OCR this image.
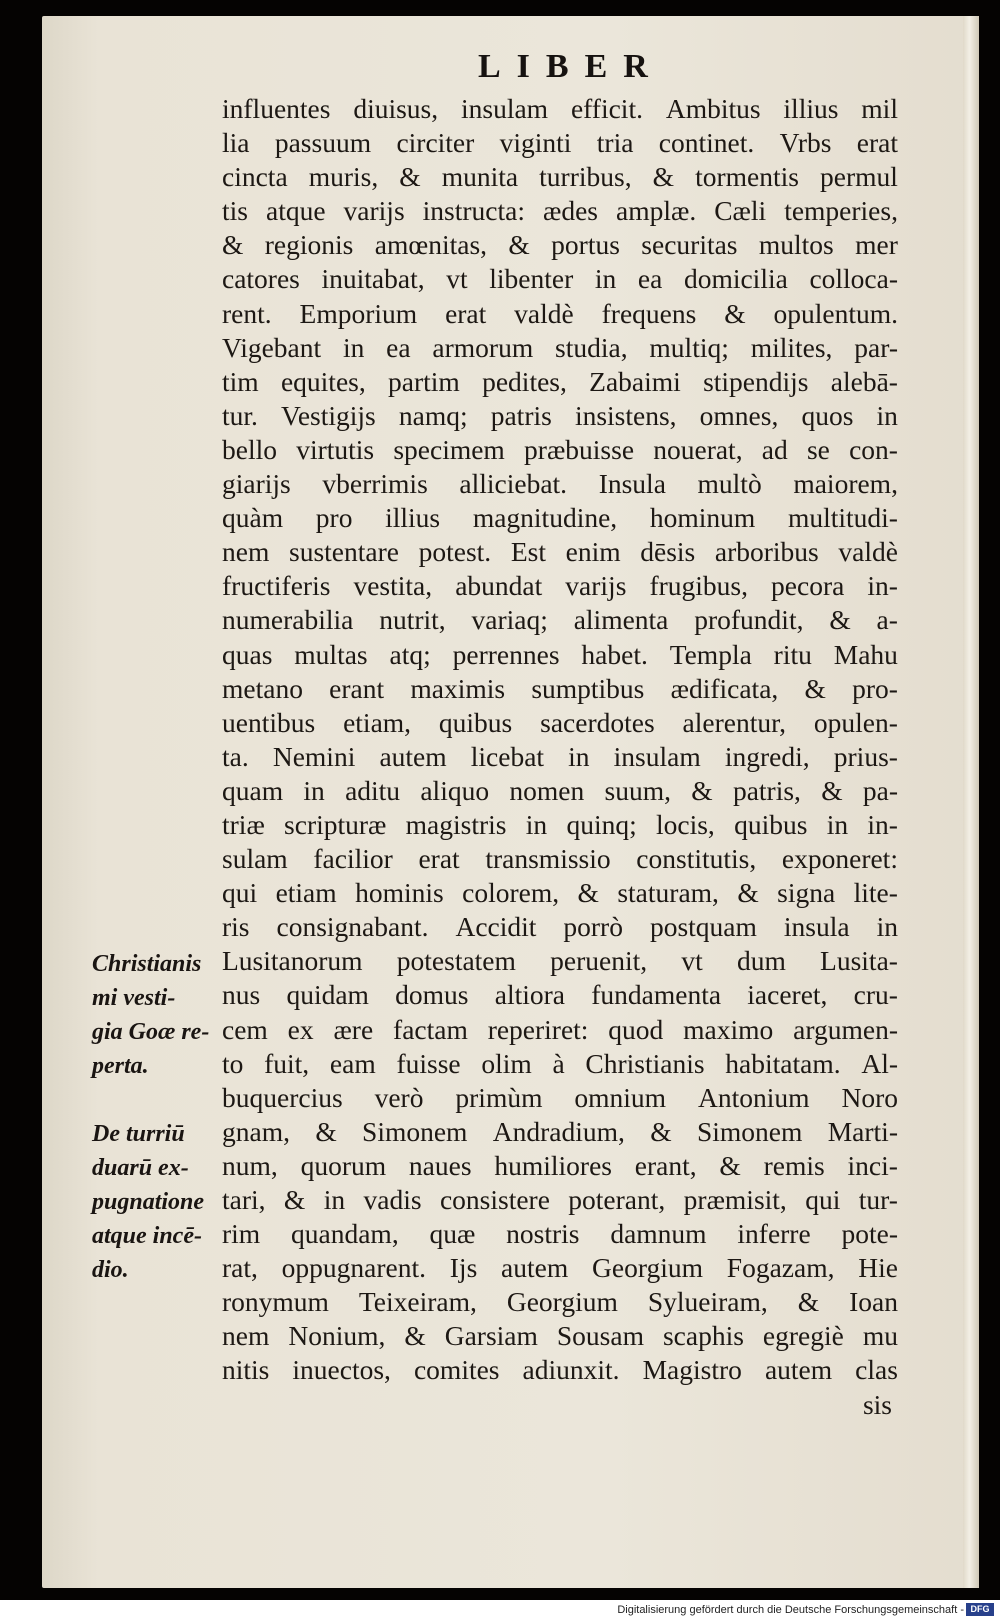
LIBER
influentes diuisus, insulam efficit. Ambitus illius mil
lia passuum circiter viginti tria continet. Vrbs erat
cincta muris, & munita turribus, & tormentis permul
tis atque varijs instructa: ædes amplæ. Cæli temperies,
& regionis amœnitas, & portus securitas multos mer
catores inuitabat, vt libenter in ea domicilia colloca-
rent. Emporium erat valdè frequens & opulentum.
Vigebant in ea armorum studia, multiq; milites, par-
tim equites, partim pedites, Zabaimi stipendijs alebā-
tur. Vestigijs namq; patris insistens, omnes, quos in
bello virtutis specimem præbuisse nouerat, ad se con-
giarijs vberrimis alliciebat. Insula multò maiorem,
quàm pro illius magnitudine, hominum multitudi-
nem sustentare potest. Est enim dēsis arboribus valdè
fructiferis vestita, abundat varijs frugibus, pecora in-
numerabilia nutrit, variaq; alimenta profundit, & a-
quas multas atq; perrennes habet. Templa ritu Mahu
metano erant maximis sumptibus ædificata, & pro-
uentibus etiam, quibus sacerdotes alerentur, opulen-
ta. Nemini autem licebat in insulam ingredi, prius-
quam in aditu aliquo nomen suum, & patris, & pa-
triæ scripturæ magistris in quinq; locis, quibus in in-
sulam facilior erat transmissio constitutis, exponeret:
qui etiam hominis colorem, & staturam, & signa lite-
ris consignabant. Accidit porrò postquam insula in
Lusitanorum potestatem peruenit, vt dum Lusita-
nus quidam domus altiora fundamenta iaceret, cru-
cem ex ære factam reperiret: quod maximo argumen-
to fuit, eam fuisse olim à Christianis habitatam. Al-
buquercius verò primùm omnium Antonium Noro
gnam, & Simonem Andradium, & Simonem Marti-
num, quorum naues humiliores erant, & remis inci-
tari, & in vadis consistere poterant, præmisit, qui tur-
rim quandam, quæ nostris damnum inferre pote-
rat, oppugnarent. Ijs autem Georgium Fogazam, Hie
ronymum Teixeiram, Georgium Sylueiram, & Ioan
nem Nonium, & Garsiam Sousam scaphis egregiè mu
nitis inuectos, comites adiunxit. Magistro autem clas
sis
Christianis
mi vesti-
gia Goæ re-
perta.
De turriū
duarū ex-
pugnatione
atque incē-
dio.
Digitalisierung gefördert durch die Deutsche Forschungsgemeinschaft - DFG
